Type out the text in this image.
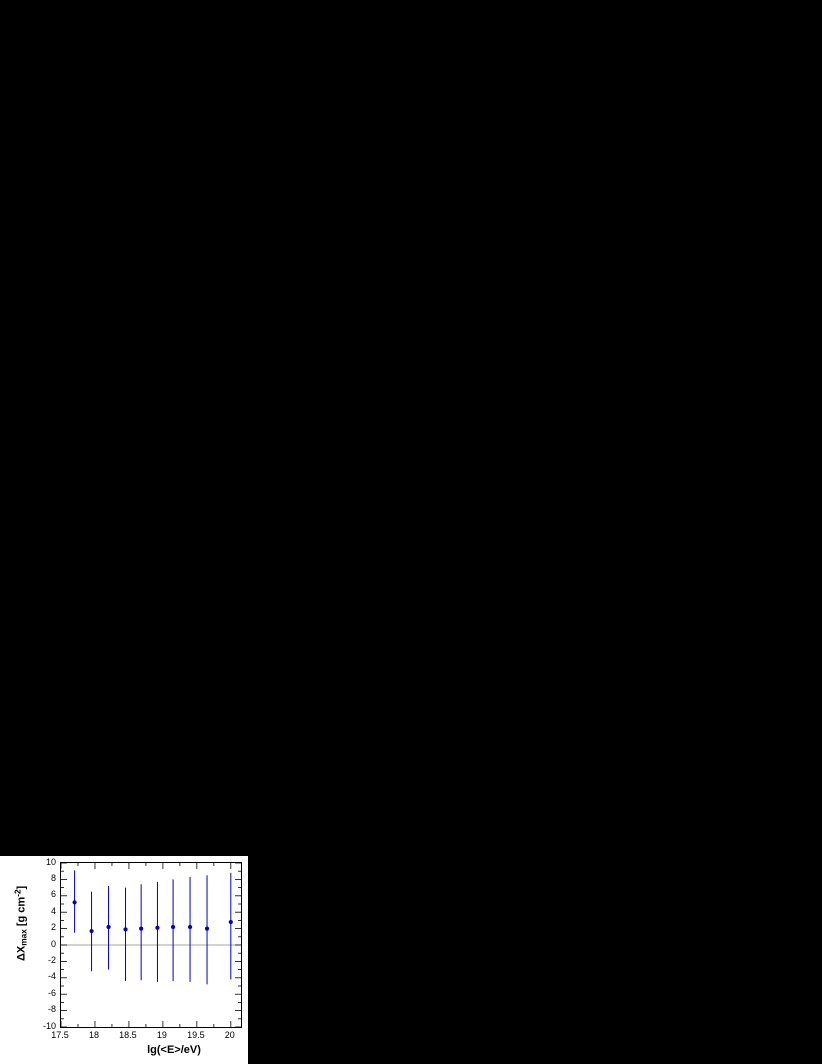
$\Delta X_{max}$ [g $cm^{-2}$]
-10
-8
-6
-4
-2
0
2
4
6
8
10
17.5	18	18.5	19	19.5	20
lg(<E>/eV)
